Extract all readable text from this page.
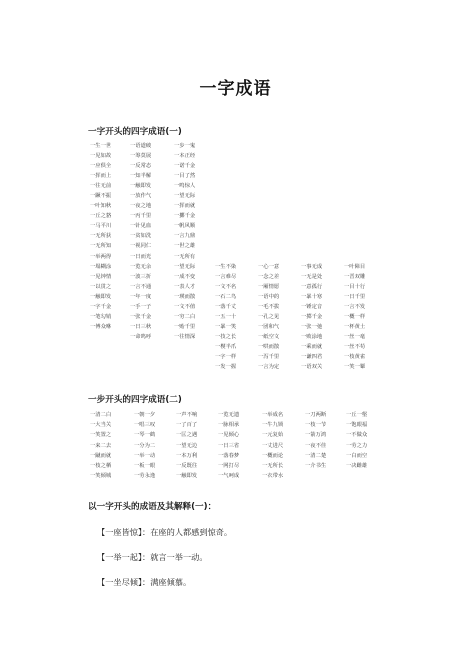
一字成语
一字开头的四字成语(一)
一生一世
一见如故
一应俱全
一挥而上
一往无前
一蹶不振
一叶知秋
一丘之貉
一马平川
一无所获
一无所知
一举两得
一塌糊涂
一见钟情
一以贯之
一触即发
一字千金
一笔勾销
一傅众咻
一语道破
一筹莫展
一反常态
一知半解
一触即发
一放作气
一夜之地
一丙千里
一针见血
一贫如洗
一视同仁
一日而光
一览无余
一波三折
一言不通
一年一度
一手一子
一张千金
一日三秋
一命呜呼
一步一鬼
一本正经
一诺千金
一目了然
一鸣惊人
一望无际
一挥而就
一擲千金
一帆风顺
一言九鼎
一世之雄
一无所有
一望无际
一成不变
一表人才
一瑛而散
一文不值
一穷二白
一贻千里
一往情深
一生不染
一言难尽
一文不名
一石二鸟
一落千丈
一五一十
一暴一笑
一技之长
一楔半爪
一字一样
一发一握
一心一意
一念之差
一厢情愿
一语中的
一毛不拔
一孔之见
一团和气
一纸空文
一哄而散
一泻千里
一言为定
一事无成
一无是处
一意孤行
一暴十寒
一锤定音
一掷千金
一张一弛
一败涂地
一乘而就
一谦四君
一语双关
一叶障目
一晋双雕
一目十行
一日千里
一言不发
一概一样
一杯黄土
一丝一毫
一丝不苟
一枝黄雀
一笑一颦
一步开头的四字成语(二)
一清二白
一大当关
一笑置之
一来二去
一蹴而就
一枝之栖
一笑倾城
一朝一夕
一唱三叹
一琴一鹤
一分为二
一举一动
一板一眼
一劳永逸
一声不响
一了百了
一匡之遇
一望无边
一本万利
一反既往
一触即发
一览无遗
一脉相承
一见倾心
一日三省
一落春梦
一网打尽
一气呵成
一举成名
一牛九锁
一元复始
一丈进尺
一概而论
一无所长
一衣带水
一刀两断
一枝一节
一箭万鸿
一夜不佳
一清二楚
一介书生
一丘一壑
一饱眼福
一不做众
一劳之力
一白而空
一决雌雄
以一字开头的成语及其解释(一)：
【一座皆惊】：在座的人都感到惊奇。
【一举一起】：就言一举一动。
【一坐尽倾】：满座倾慕。
